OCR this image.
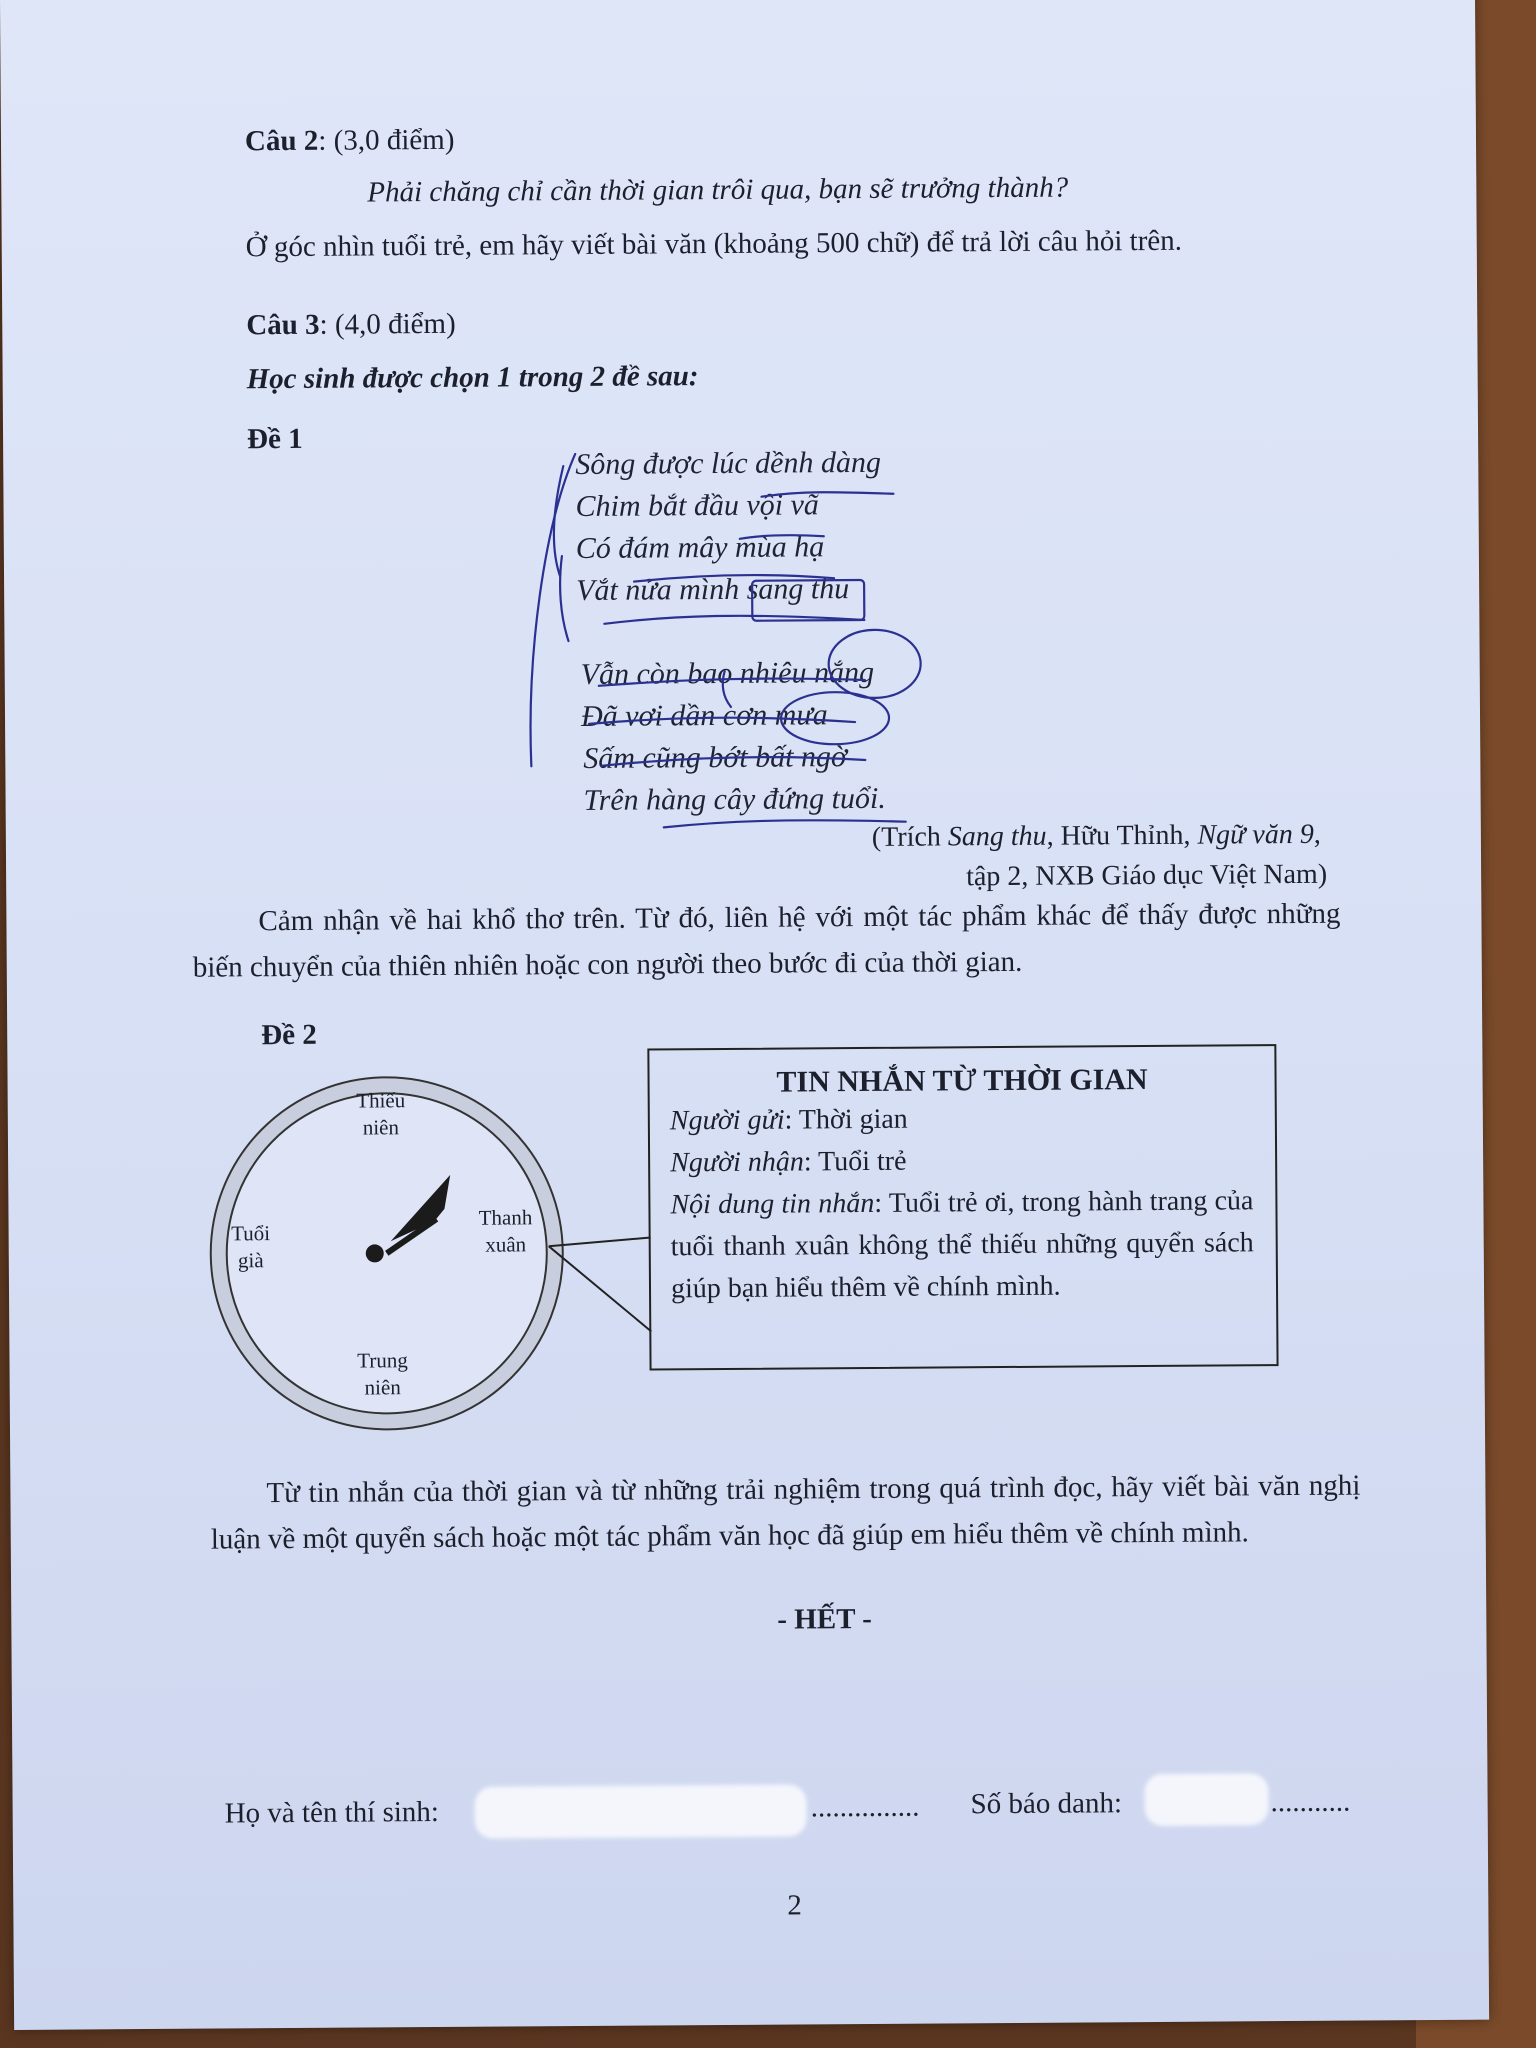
Câu 2: (3,0 điểm)
Phải chăng chỉ cần thời gian trôi qua, bạn sẽ trưởng thành?
Ở góc nhìn tuổi trẻ, em hãy viết bài văn (khoảng 500 chữ) để trả lời câu hỏi trên.
Câu 3: (4,0 điểm)
Học sinh được chọn 1 trong 2 đề sau:
Đề 1
Sông được lúc dềnh dàng
Chim bắt đầu vội vã
Có đám mây mùa hạ
Vắt nửa mình sang thu
Vẫn còn bao nhiêu nắng
Đã vơi dần cơn mưa
Sấm cũng bớt bất ngờ
Trên hàng cây đứng tuổi.
(Trích Sang thu, Hữu Thỉnh, Ngữ văn 9,
tập 2, NXB Giáo dục Việt Nam)
Cảm nhận về hai khổ thơ trên. Từ đó, liên hệ với một tác phẩm khác để thấy được những biến chuyển của thiên nhiên hoặc con người theo bước đi của thời gian.
Đề 2
Thiếu
niên
Thanh
xuân
Trung
niên
Tuổi
già
TIN NHẮN TỪ THỜI GIAN
Người gửi: Thời gian
Người nhận: Tuổi trẻ
Nội dung tin nhắn: Tuổi trẻ ơi, trong hành trang của tuổi thanh xuân không thể thiếu những quyển sách giúp bạn hiểu thêm về chính mình.
Từ tin nhắn của thời gian và từ những trải nghiệm trong quá trình đọc, hãy viết bài văn nghị luận về một quyển sách hoặc một tác phẩm văn học đã giúp em hiểu thêm về chính mình.
- HẾT -
Họ và tên thí sinh:	............... Số báo danh:	...........
2
